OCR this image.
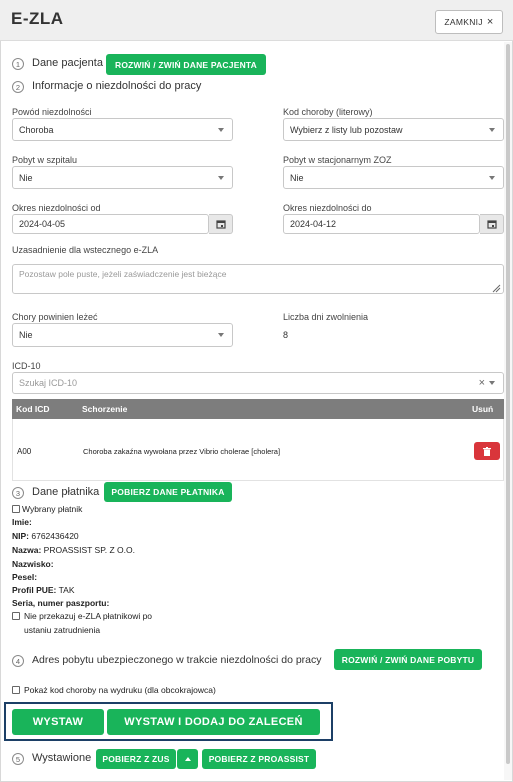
E-ZLA	ZAMKNIJ ×
1	Dane pacjenta	ROZWIŃ / ZWIŃ DANE PACJENTA
2	Informacje o niezdolności do pracy
Powód niezdolności
Choroba
Kod choroby (literowy)
Wybierz z listy lub pozostaw
Pobyt w szpitalu
Nie
Pobyt w stacjonarnym ZOZ
Nie
Okres niezdolności od
2024-04-05
Okres niezdolności do
2024-04-12
Uzasadnienie dla wstecznego e-ZLA
Pozostaw pole puste, jeżeli zaświadczenie jest bieżące
Chory powinien leżeć
Nie
Liczba dni zwolnienia
8
ICD-10
Szukaj ICD-10	×
Kod ICD	Schorzenie	Usuń
A00	Choroba zakaźna wywołana przez Vibrio cholerae [cholera]
3	Dane płatnika	POBIERZ DANE PŁATNIKA
Wybrany płatnik
Imie:
NIP: 6762436420
Nazwa: PROASSIST SP. Z O.O.
Nazwisko:
Pesel:
Profil PUE: TAK
Seria, numer paszportu:
Nie przekazuj e-ZLA płatnikowi po
ustaniu zatrudnienia
4	Adres pobytu ubezpieczonego w trakcie niezdolności do pracy	ROZWIŃ / ZWIŃ DANE POBYTU
Pokaż kod choroby na wydruku (dla obcokrajowca)
WYSTAW	WYSTAW I DODAJ DO ZALECEŃ
5	Wystawione	POBIERZ Z ZUS	POBIERZ Z PROASSIST
